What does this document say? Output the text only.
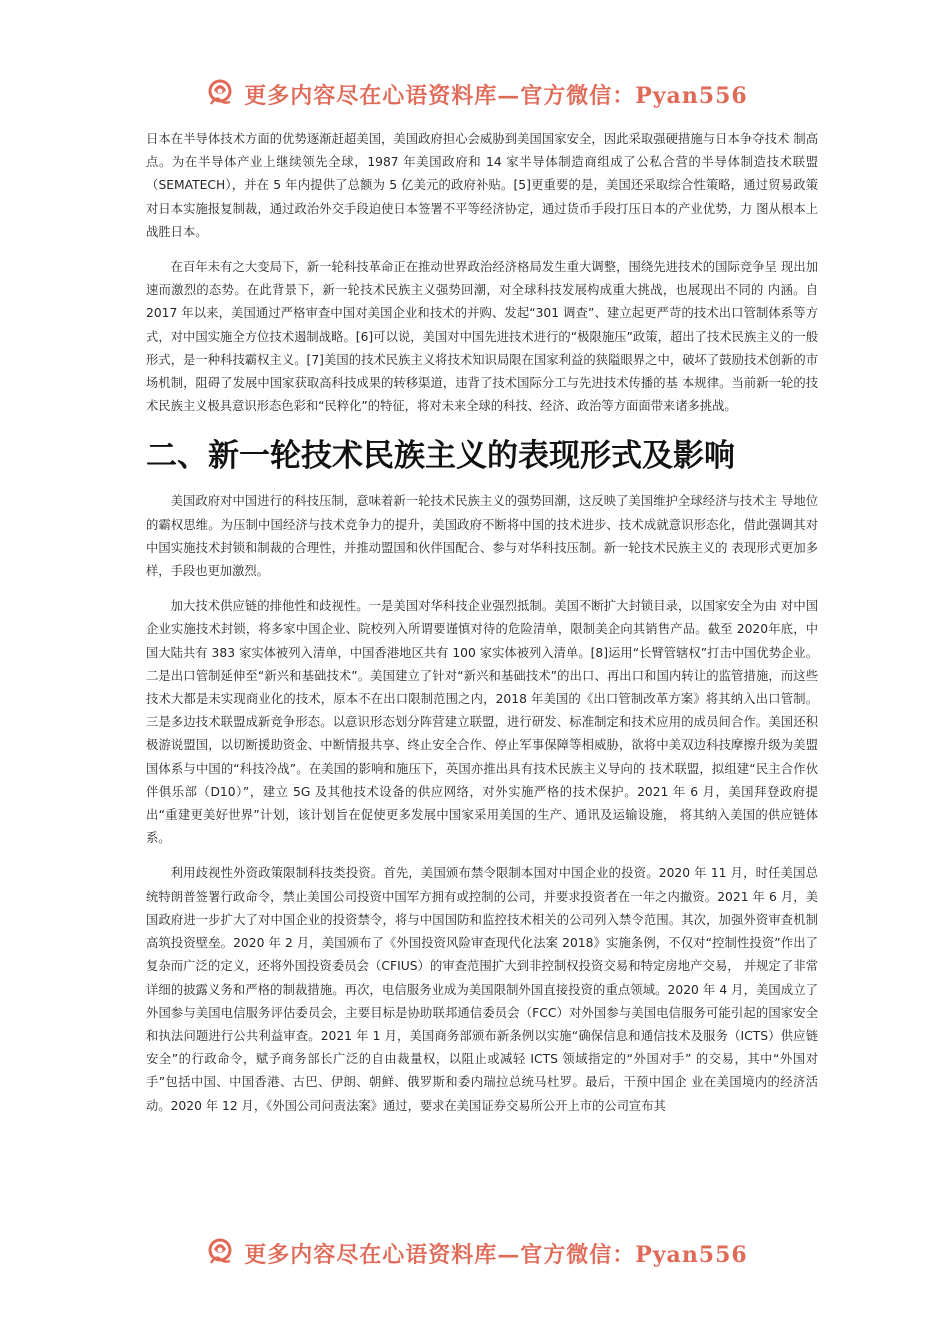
更多内容尽在心语资料库—官方微信：Pyan556

日本在半导体技术方面的优势逐渐赶超美国，美国政府担心会威胁到美国国家安全，因此采取强硬措施与日本争夺技术 制高点。为在半导体产业上继续领先全球，1987 年美国政府和 14 家半导体制造商组成了公私合营的半导体制造技术联盟（SEMATECH），并在 5 年内提供了总额为 5 亿美元的政府补贴。[5]更重要的是，美国还采取综合性策略，通过贸易政策对日本实施报复制裁，通过政治外交手段迫使日本签署不平等经济协定，通过货币手段打压日本的产业优势，力 图从根本上战胜日本。

在百年未有之大变局下，新一轮科技革命正在推动世界政治经济格局发生重大调整，围绕先进技术的国际竞争呈 现出加速而激烈的态势。在此背景下，新一轮技术民族主义强势回潮，对全球科技发展构成重大挑战，也展现出不同的 内涵。自 2017 年以来，美国通过严格审查中国对美国企业和技术的并购、发起“301 调查”、建立起更严苛的技术出口管制体系等方式，对中国实施全方位技术遏制战略。[6]可以说，美国对中国先进技术进行的“极限施压”政策，超出了技术民族主义的一般形式，是一种科技霸权主义。[7]美国的技术民族主义将技术知识局限在国家利益的狭隘眼界之中，破坏了鼓励技术创新的市场机制，阻碍了发展中国家获取高科技成果的转移渠道，违背了技术国际分工与先进技术传播的基 本规律。当前新一轮的技术民族主义极具意识形态色彩和“民粹化”的特征，将对未来全球的科技、经济、政治等方面面带来诸多挑战。

二、新一轮技术民族主义的表现形式及影响

美国政府对中国进行的科技压制，意味着新一轮技术民族主义的强势回潮，这反映了美国维护全球经济与技术主 导地位的霸权思维。为压制中国经济与技术竞争力的提升，美国政府不断将中国的技术进步、技术成就意识形态化，借此强调其对中国实施技术封锁和制裁的合理性，并推动盟国和伙伴国配合、参与对华科技压制。新一轮技术民族主义的 表现形式更加多样，手段也更加激烈。

加大技术供应链的排他性和歧视性。一是美国对华科技企业强烈抵制。美国不断扩大封锁目录，以国家安全为由 对中国企业实施技术封锁，将多家中国企业、院校列入所谓要谨慎对待的危险清单，限制美企向其销售产品。截至 2020年底，中国大陆共有 383 家实体被列入清单，中国香港地区共有 100 家实体被列入清单。[8]运用“长臂管辖权”打击中国优势企业。二是出口管制延伸至“新兴和基础技术”。美国建立了针对“新兴和基础技术”的出口、再出口和国内转让的监管措施，而这些技术大都是未实现商业化的技术，原本不在出口限制范围之内，2018 年美国的《出口管制改革方案》将其纳入出口管制。三是多边技术联盟成新竞争形态。以意识形态划分阵营建立联盟，进行研发、标准制定和技术应用的成员间合作。美国还积极游说盟国，以切断援助资金、中断情报共享、终止安全合作、停止军事保障等相威胁，欲将中美双边科技摩擦升级为美盟国体系与中国的“科技冷战”。在美国的影响和施压下，英国亦推出具有技术民族主义导向的 技术联盟，拟组建“民主合作伙伴俱乐部（D10）”，建立 5G 及其他技术设备的供应网络，对外实施严格的技术保护。2021 年 6 月，美国拜登政府提出“重建更美好世界”计划，该计划旨在促使更多发展中国家采用美国的生产、通讯及运输设施， 将其纳入美国的供应链体系。

利用歧视性外资政策限制科技类投资。首先，美国颁布禁令限制本国对中国企业的投资。2020 年 11 月，时任美国总统特朗普签署行政命令，禁止美国公司投资中国军方拥有或控制的公司，并要求投资者在一年之内撤资。2021 年 6 月，美国政府进一步扩大了对中国企业的投资禁令，将与中国国防和监控技术相关的公司列入禁令范围。其次，加强外资审查机制高筑投资壁垒。2020 年 2 月，美国颁布了《外国投资风险审查现代化法案 2018》实施条例，不仅对“控制性投资”作出了复杂而广泛的定义，还将外国投资委员会（CFIUS）的审查范围扩大到非控制权投资交易和特定房地产交易， 并规定了非常详细的披露义务和严格的制裁措施。再次，电信服务业成为美国限制外国直接投资的重点领域。2020 年 4 月，美国成立了外国参与美国电信服务评估委员会，主要目标是协助联邦通信委员会（FCC）对外国参与美国电信服务可能引起的国家安全和执法问题进行公共利益审查。2021 年 1 月，美国商务部颁布新条例以实施“确保信息和通信技术及服务（ICTS）供应链安全”的行政命令，赋予商务部长广泛的自由裁量权，以阻止或减轻 ICTS 领域指定的“外国对手” 的交易，其中“外国对手”包括中国、中国香港、古巴、伊朗、朝鲜、俄罗斯和委内瑞拉总统马杜罗。最后，干预中国企 业在美国境内的经济活动。2020 年 12 月，《外国公司问责法案》通过，要求在美国证券交易所公开上市的公司宣布其

更多内容尽在心语资料库—官方微信：Pyan556
